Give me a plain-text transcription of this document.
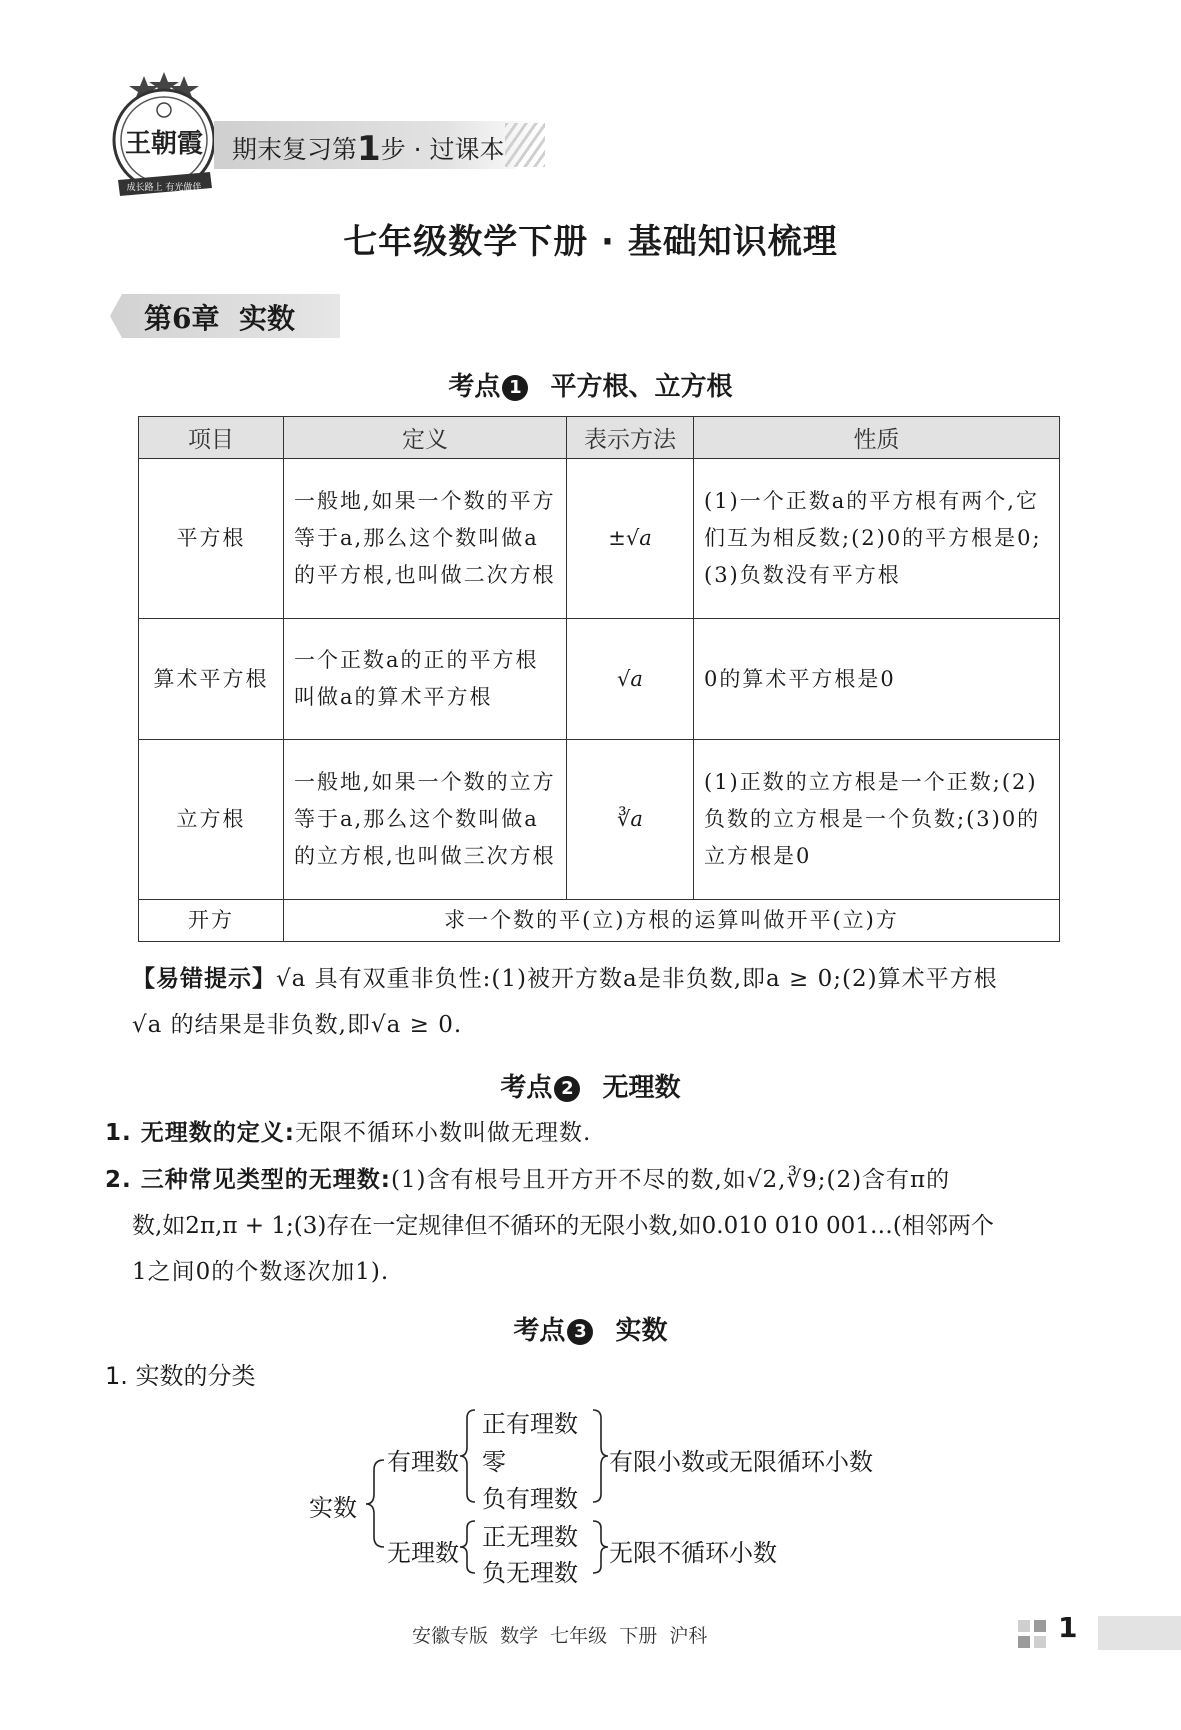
王朝霞
成长路上 有光做伴
期末复习第1步 · 过课本
七年级数学下册 · 基础知识梳理
第6章  实数
考点 1 平方根、立方根
项目	定义	表示方法	性质
平方根	一般地,如果一个数的平方等于a,那么这个数叫做a的平方根,也叫做二次方根	±√a	(1)一个正数a的平方根有两个,它们互为相反数;(2)0的平方根是0;(3)负数没有平方根
算术平方根	一个正数a的正的平方根叫做a的算术平方根	√a	0的算术平方根是0
立方根	一般地,如果一个数的立方等于a,那么这个数叫做a的立方根,也叫做三次方根	∛a	(1)正数的立方根是一个正数;(2)负数的立方根是一个负数;(3)0的立方根是0
开方	求一个数的平(立)方根的运算叫做开平(立)方		
【易错提示】√a 具有双重非负性:(1)被开方数a是非负数,即a ≥ 0;(2)算术平方根
√a 的结果是非负数,即√a ≥ 0.
考点 2 无理数
1. 无理数的定义:无限不循环小数叫做无理数.
2. 三种常见类型的无理数:(1)含有根号且开方开不尽的数,如√2,∛9;(2)含有π的
数,如2π,π + 1;(3)存在一定规律但不循环的无限小数,如0.010 010 001…(相邻两个
1之间0的个数逐次加1).
考点 3 实数
1. 实数的分类
实数
有理数
正有理数
零
负有理数
有限小数或无限循环小数
无理数
正无理数
负无理数
无限不循环小数
安徽专版  数学  七年级  下册  沪科	1
